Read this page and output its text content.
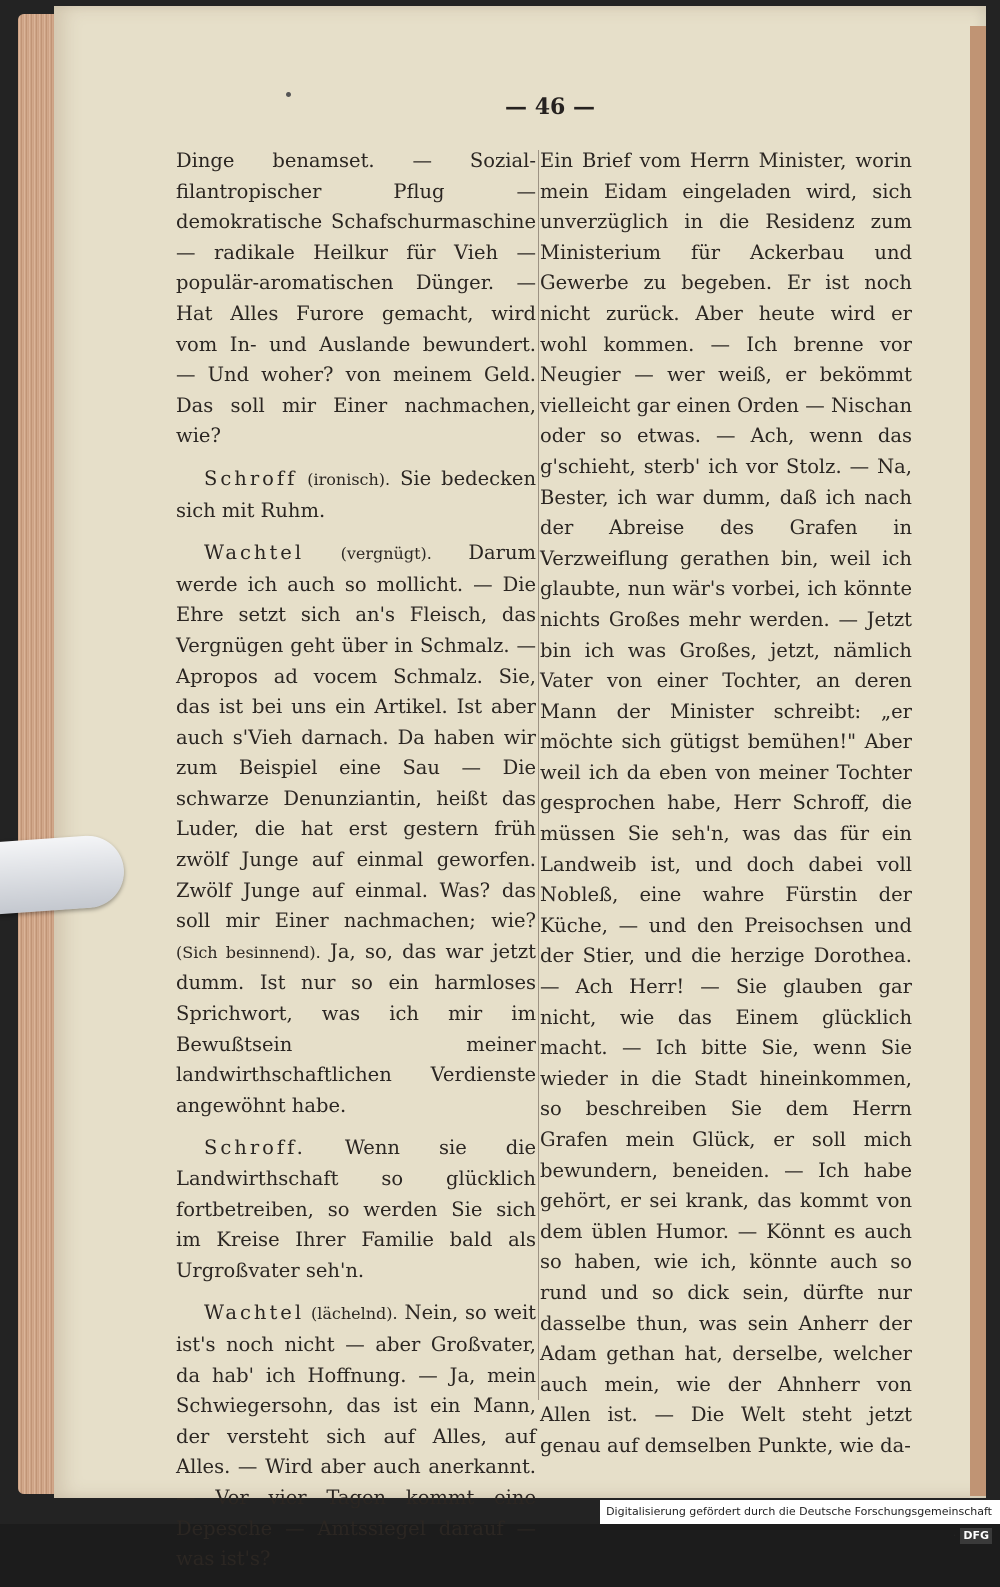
— 46 —

Dinge benamset. — Sozial-filantropischer Pflug — demokratische Schafschurmaschine — radikale Heilkur für Vieh — populär-aromatischen Dünger. — Hat Alles Furore gemacht, wird vom In- und Auslande bewundert. — Und woher? von meinem Geld. Das soll mir Einer nachmachen, wie?

Schroff (ironisch). Sie bedecken sich mit Ruhm.

Wachtel (vergnügt). Darum werde ich auch so mollicht. — Die Ehre setzt sich an's Fleisch, das Vergnügen geht über in Schmalz. — Apropos ad vocem Schmalz. Sie, das ist bei uns ein Artikel. Ist aber auch s'Vieh darnach. Da haben wir zum Beispiel eine Sau — Die schwarze Denunziantin, heißt das Luder, die hat erst gestern früh zwölf Junge auf einmal geworfen. Zwölf Junge auf einmal. Was? das soll mir Einer nachmachen; wie? (Sich besinnend). Ja, so, das war jetzt dumm. Ist nur so ein harmloses Sprichwort, was ich mir im Bewußtsein meiner landwirthschaftlichen Verdienste angewöhnt habe.

Schroff. Wenn sie die Landwirthschaft so glücklich fortbetreiben, so werden Sie sich im Kreise Ihrer Familie bald als Urgroßvater seh'n.

Wachtel (lächelnd). Nein, so weit ist's noch nicht — aber Großvater, da hab' ich Hoffnung. — Ja, mein Schwiegersohn, das ist ein Mann, der versteht sich auf Alles, auf Alles. — Wird aber auch anerkannt. — Vor vier Tagen kommt eine Depesche — Amtssiegel darauf — was ist's?

Ein Brief vom Herrn Minister, worin mein Eidam eingeladen wird, sich unverzüglich in die Residenz zum Ministerium für Ackerbau und Gewerbe zu begeben. Er ist noch nicht zurück. Aber heute wird er wohl kommen. — Ich brenne vor Neugier — wer weiß, er bekömmt vielleicht gar einen Orden — Nischan oder so etwas. — Ach, wenn das g'schieht, sterb' ich vor Stolz. — Na, Bester, ich war dumm, daß ich nach der Abreise des Grafen in Verzweiflung gerathen bin, weil ich glaubte, nun wär's vorbei, ich könnte nichts Großes mehr werden. — Jetzt bin ich was Großes, jetzt, nämlich Vater von einer Tochter, an deren Mann der Minister schreibt: „er möchte sich gütigst bemühen!" Aber weil ich da eben von meiner Tochter gesprochen habe, Herr Schroff, die müssen Sie seh'n, was das für ein Landweib ist, und doch dabei voll Nobleß, eine wahre Fürstin der Küche, — und den Preisochsen und der Stier, und die herzige Dorothea. — Ach Herr! — Sie glauben gar nicht, wie das Einem glücklich macht. — Ich bitte Sie, wenn Sie wieder in die Stadt hineinkommen, so beschreiben Sie dem Herrn Grafen mein Glück, er soll mich bewundern, beneiden. — Ich habe gehört, er sei krank, das kommt von dem üblen Humor. — Könnt es auch so haben, wie ich, könnte auch so rund und so dick sein, dürfte nur dasselbe thun, was sein Anherr der Adam gethan hat, derselbe, welcher auch mein, wie der Ahnherr von Allen ist. — Die Welt steht jetzt genau auf demselben Punkte, wie da-

Digitalisierung gefördert durch die Deutsche Forschungsgemeinschaft · DFG
